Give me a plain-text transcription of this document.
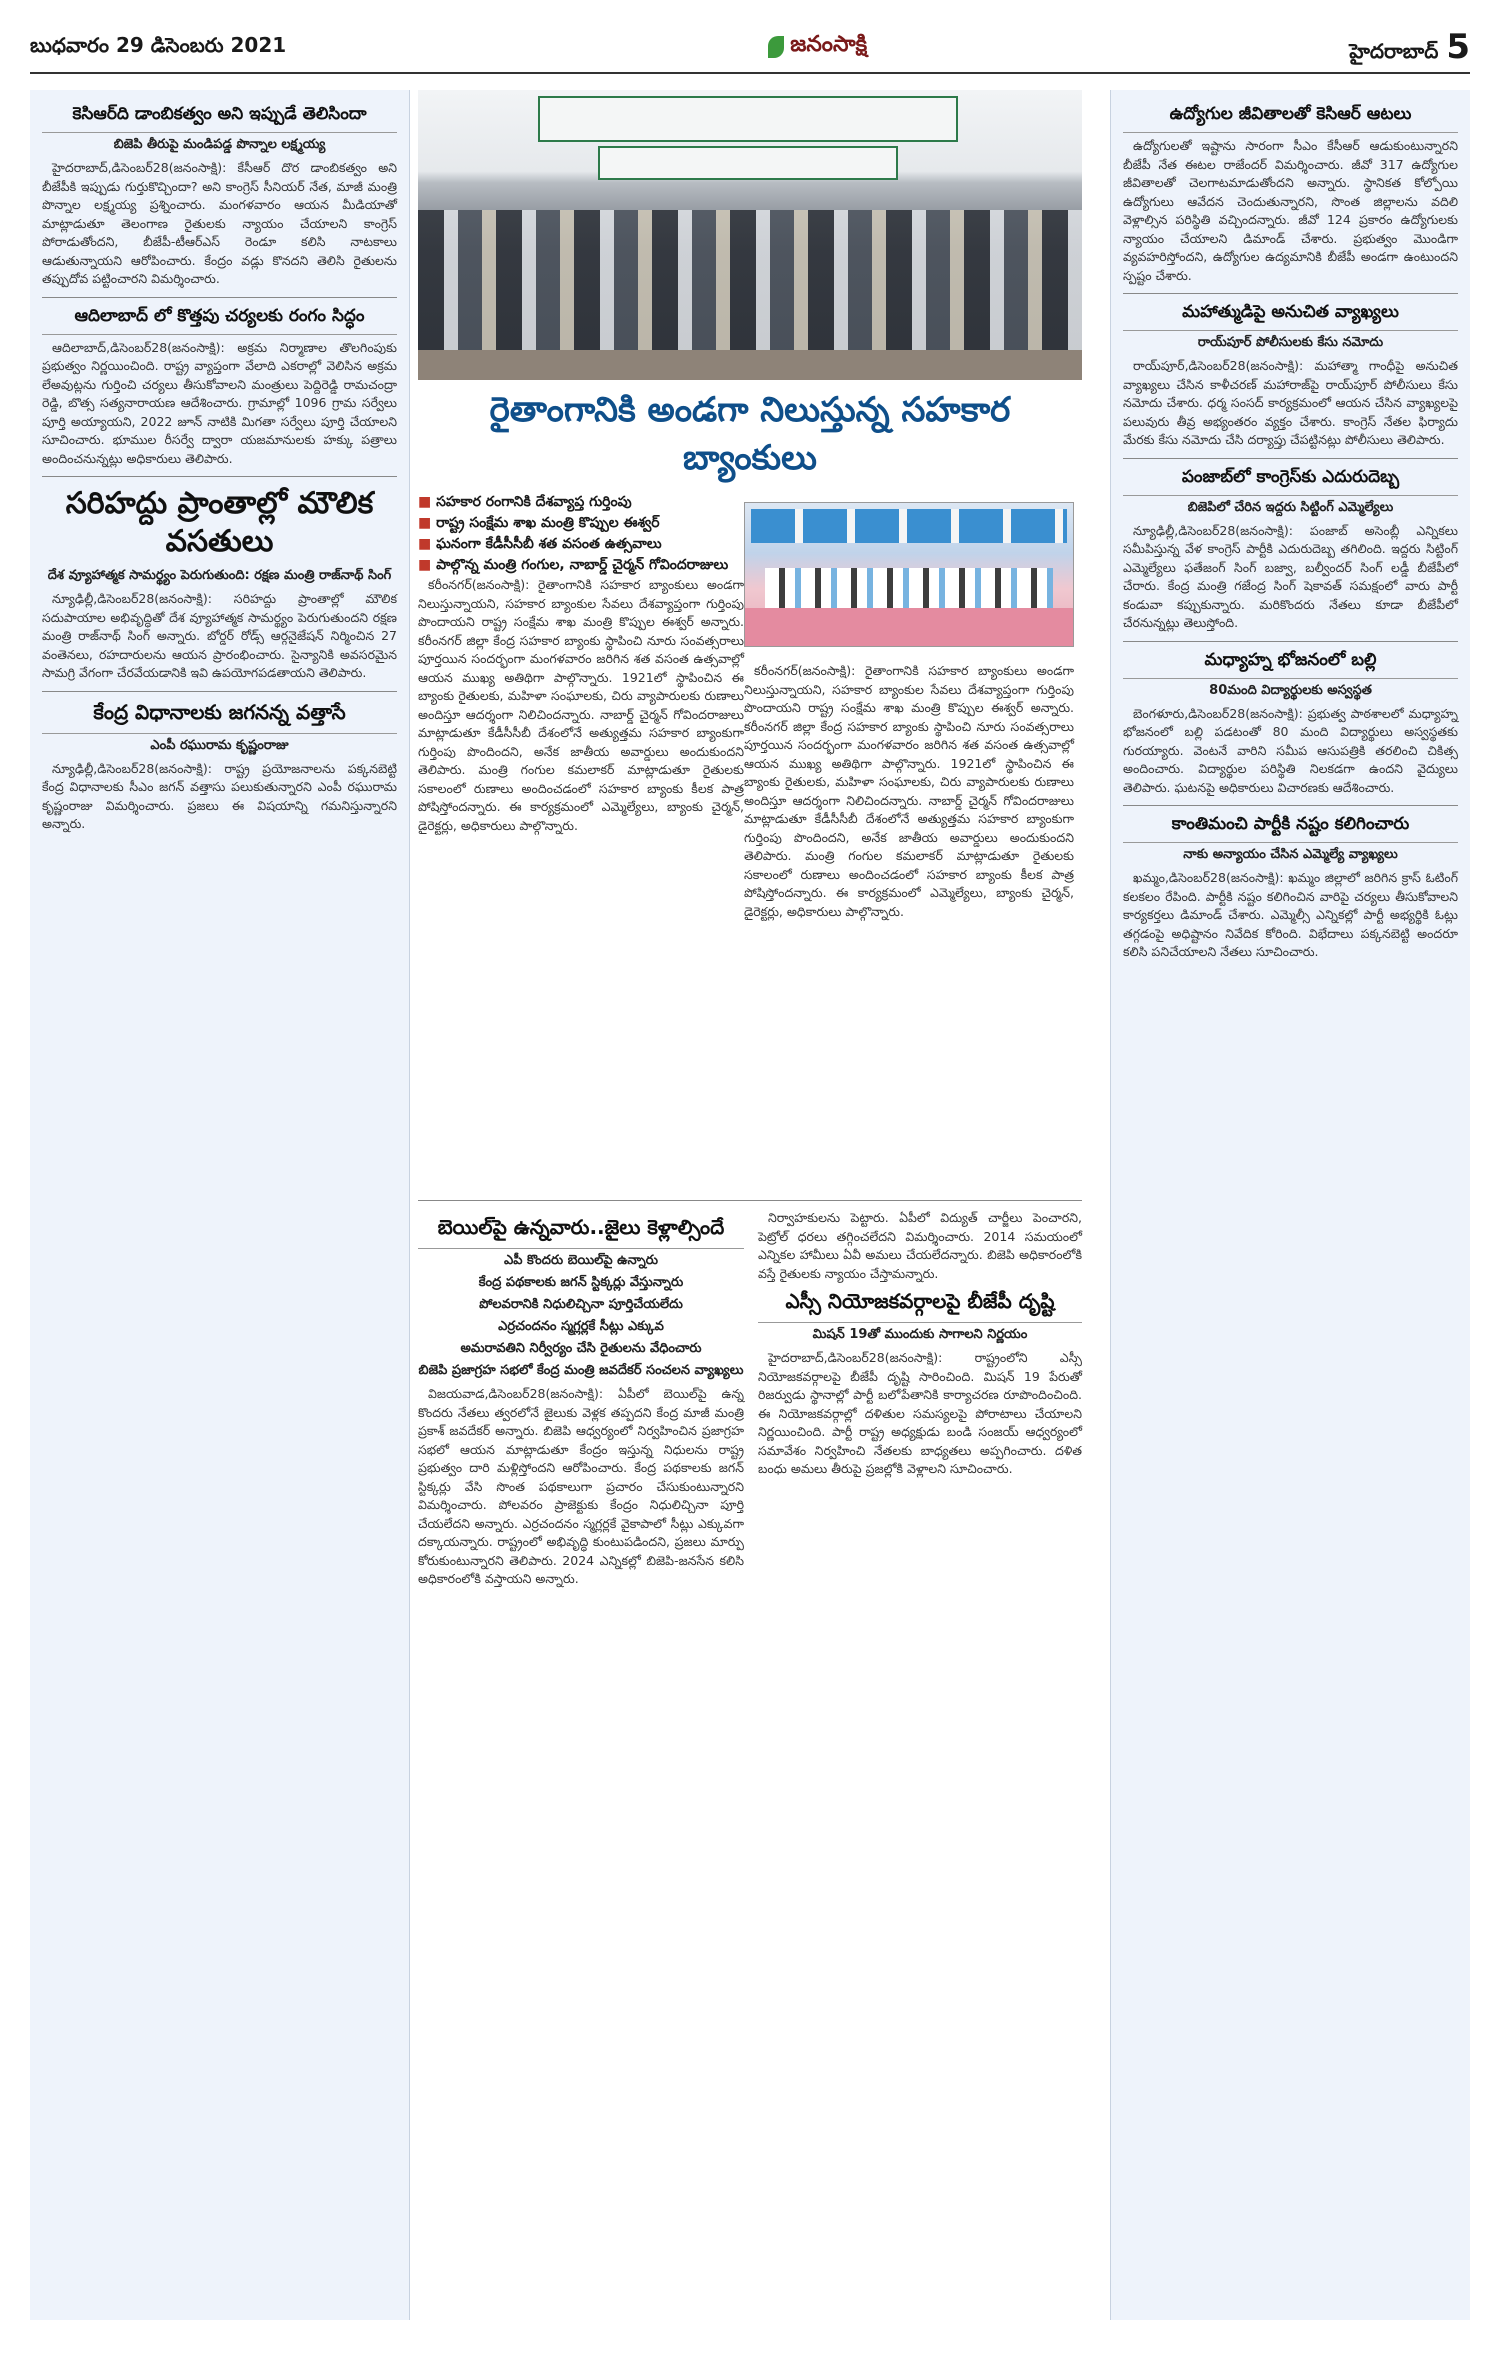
బుధవారం 29 డిసెంబరు 2021	జనంసాక్షి	హైదరాబాద్ 5
కెసిఆర్‌ది డాంబికత్వం అని ఇప్పుడే తెలిసిందా
బిజెపి తీరుపై మండిపడ్డ పొన్నాల లక్ష్మయ్య

హైదరాబాద్‌,డిసెంబర్‌28(జనంసాక్షి): కేసీఆర్‌ దొర డాంబికత్వం అని బీజేపీకి ఇప్పుడు గుర్తుకొచ్చిందా? అని కాంగ్రెస్‌ సీనియర్‌ నేత, మాజీ మంత్రి పొన్నాల లక్ష్మయ్య ప్రశ్నించారు. మంగళవారం ఆయన మీడియాతో మాట్లాడుతూ తెలంగాణ రైతులకు న్యాయం చేయాలని కాంగ్రెస్‌ పోరాడుతోందని, బీజేపీ-టీఆర్‌ఎస్‌ రెండూ కలిసి నాటకాలు ఆడుతున్నాయని ఆరోపించారు. కేంద్రం వడ్లు కొనదని తెలిసి రైతులను తప్పుదోవ పట్టించారని విమర్శించారు.

ఆదిలాబాద్‌ లో కొత్తపు చర్యలకు రంగం సిద్ధం

ఆదిలాబాద్‌,డిసెంబర్‌28(జనంసాక్షి): అక్రమ నిర్మాణాల తొలగింపుకు ప్రభుత్వం నిర్ణయించింది. రాష్ట్ర వ్యాప్తంగా వేలాది ఎకరాల్లో వెలిసిన అక్రమ లేఅవుట్లను గుర్తించి చర్యలు తీసుకోవాలని మంత్రులు పెద్దిరెడ్డి రామచంద్రా రెడ్డి, బొత్స సత్యనారాయణ ఆదేశించారు. గ్రామాల్లో 1096 గ్రామ సర్వేలు పూర్తి అయ్యాయని, 2022 జూన్‌ నాటికి మిగతా సర్వేలు పూర్తి చేయాలని సూచించారు. భూముల రీసర్వే ద్వారా యజమానులకు హక్కు పత్రాలు అందించనున్నట్లు అధికారులు తెలిపారు.

సరిహద్దు ప్రాంతాల్లో మౌలిక వసతులు
దేశ వ్యూహాత్మక సామర్థ్యం పెరుగుతుంది: రక్షణ మంత్రి రాజ్‌నాథ్‌ సింగ్‌

న్యూఢిల్లీ,డిసెంబర్‌28(జనంసాక్షి): సరిహద్దు ప్రాంతాల్లో మౌలిక సదుపాయాల అభివృద్ధితో దేశ వ్యూహాత్మక సామర్థ్యం పెరుగుతుందని రక్షణ మంత్రి రాజ్‌నాథ్‌ సింగ్‌ అన్నారు. బోర్డర్‌ రోడ్స్‌ ఆర్గనైజేషన్‌ నిర్మించిన 27 వంతెనలు, రహదారులను ఆయన ప్రారంభించారు. సైన్యానికి అవసరమైన సామగ్రి వేగంగా చేరవేయడానికి ఇవి ఉపయోగపడతాయని తెలిపారు.

కేంద్ర విధానాలకు జగనన్న వత్తాసే
ఎంపీ రఘురామ కృష్ణంరాజు

న్యూఢిల్లీ,డిసెంబర్‌28(జనంసాక్షి): రాష్ట్ర ప్రయోజనాలను పక్కనబెట్టి కేంద్ర విధానాలకు సీఎం జగన్‌ వత్తాసు పలుకుతున్నారని ఎంపీ రఘురామ కృష్ణంరాజు విమర్శించారు. ప్రజలు ఈ విషయాన్ని గమనిస్తున్నారని అన్నారు.

రైతాంగానికి అండగా నిలుస్తున్న సహకార బ్యాంకులు
■ సహకార రంగానికి దేశవ్యాప్త గుర్తింపు
■ రాష్ట్ర సంక్షేమ శాఖ మంత్రి కొప్పుల ఈశ్వర్‌
■ ఘనంగా కేడీసీసీబీ శత వసంత ఉత్సవాలు
■ పాల్గొన్న మంత్రి గంగుల, నాబార్డ్‌ చైర్మన్‌ గోవిందరాజులు

కరీంనగర్‌(జనంసాక్షి): రైతాంగానికి సహకార బ్యాంకులు అండగా నిలుస్తున్నాయని, సహకార బ్యాంకుల సేవలు దేశవ్యాప్తంగా గుర్తింపు పొందాయని రాష్ట్ర సంక్షేమ శాఖ మంత్రి కొప్పుల ఈశ్వర్‌ అన్నారు. కరీంనగర్‌ జిల్లా కేంద్ర సహకార బ్యాంకు స్థాపించి నూరు సంవత్సరాలు పూర్తయిన సందర్భంగా మంగళవారం జరిగిన శత వసంత ఉత్సవాల్లో ఆయన ముఖ్య అతిథిగా పాల్గొన్నారు. 1921లో స్థాపించిన ఈ బ్యాంకు రైతులకు, మహిళా సంఘాలకు, చిరు వ్యాపారులకు రుణాలు అందిస్తూ ఆదర్శంగా నిలిచిందన్నారు. నాబార్డ్‌ చైర్మన్‌ గోవిందరాజులు మాట్లాడుతూ కేడీసీసీబీ దేశంలోనే అత్యుత్తమ సహకార బ్యాంకుగా గుర్తింపు పొందిందని, అనేక జాతీయ అవార్డులు అందుకుందని తెలిపారు. మంత్రి గంగుల కమలాకర్‌ మాట్లాడుతూ రైతులకు సకాలంలో రుణాలు అందించడంలో సహకార బ్యాంకు కీలక పాత్ర పోషిస్తోందన్నారు. ఈ కార్యక్రమంలో ఎమ్మెల్యేలు, బ్యాంకు చైర్మన్‌, డైరెక్టర్లు, అధికారులు పాల్గొన్నారు.

కరీంనగర్‌(జనంసాక్షి): రైతాంగానికి సహకార బ్యాంకులు అండగా నిలుస్తున్నాయని, సహకార బ్యాంకుల సేవలు దేశవ్యాప్తంగా గుర్తింపు పొందాయని రాష్ట్ర సంక్షేమ శాఖ మంత్రి కొప్పుల ఈశ్వర్‌ అన్నారు. కరీంనగర్‌ జిల్లా కేంద్ర సహకార బ్యాంకు స్థాపించి నూరు సంవత్సరాలు పూర్తయిన సందర్భంగా మంగళవారం జరిగిన శత వసంత ఉత్సవాల్లో ఆయన ముఖ్య అతిథిగా పాల్గొన్నారు. 1921లో స్థాపించిన ఈ బ్యాంకు రైతులకు, మహిళా సంఘాలకు, చిరు వ్యాపారులకు రుణాలు అందిస్తూ ఆదర్శంగా నిలిచిందన్నారు. నాబార్డ్‌ చైర్మన్‌ గోవిందరాజులు మాట్లాడుతూ కేడీసీసీబీ దేశంలోనే అత్యుత్తమ సహకార బ్యాంకుగా గుర్తింపు పొందిందని, అనేక జాతీయ అవార్డులు అందుకుందని తెలిపారు. మంత్రి గంగుల కమలాకర్‌ మాట్లాడుతూ రైతులకు సకాలంలో రుణాలు అందించడంలో సహకార బ్యాంకు కీలక పాత్ర పోషిస్తోందన్నారు. ఈ కార్యక్రమంలో ఎమ్మెల్యేలు, బ్యాంకు చైర్మన్‌, డైరెక్టర్లు, అధికారులు పాల్గొన్నారు.

బెయిల్‌పై ఉన్నవారు..జైలు కెళ్లాల్సిందే
ఎపీ కొందరు బెయిల్‌పై ఉన్నారు
కేంద్ర పథకాలకు జగన్‌ స్టిక్కర్లు వేస్తున్నారు
పోలవరానికి నిధులిచ్చినా పూర్తిచేయలేదు
ఎర్రచందనం స్మగ్లర్లకే సీట్లు ఎక్కువ
అమరావతిని నిర్వీర్యం చేసి రైతులను వేధించారు
బిజెపి ప్రజాగ్రహ సభలో కేంద్ర మంత్రి జవదేకర్‌ సంచలన వ్యాఖ్యలు

విజయవాడ,డిసెంబర్‌28(జనంసాక్షి): ఏపీలో బెయిల్‌పై ఉన్న కొందరు నేతలు త్వరలోనే జైలుకు వెళ్లక తప్పదని కేంద్ర మాజీ మంత్రి ప్రకాశ్‌ జవదేకర్‌ అన్నారు. బిజెపి ఆధ్వర్యంలో నిర్వహించిన ప్రజాగ్రహ సభలో ఆయన మాట్లాడుతూ కేంద్రం ఇస్తున్న నిధులను రాష్ట్ర ప్రభుత్వం దారి మళ్లిస్తోందని ఆరోపించారు. కేంద్ర పథకాలకు జగన్‌ స్టిక్కర్లు వేసి సొంత పథకాలుగా ప్రచారం చేసుకుంటున్నారని విమర్శించారు. పోలవరం ప్రాజెక్టుకు కేంద్రం నిధులిచ్చినా పూర్తి చేయలేదని అన్నారు. ఎర్రచందనం స్మగ్లర్లకే వైకాపాలో సీట్లు ఎక్కువగా దక్కాయన్నారు. రాష్ట్రంలో అభివృద్ధి కుంటుపడిందని, ప్రజలు మార్పు కోరుకుంటున్నారని తెలిపారు. 2024 ఎన్నికల్లో బిజెపి-జనసేన కలిసి అధికారంలోకి వస్తాయని అన్నారు.

నిర్వాహకులను పెట్టారు. ఏపీలో విద్యుత్‌ చార్జీలు పెంచారని, పెట్రోల్‌ ధరలు తగ్గించలేదని విమర్శించారు. 2014 సమయంలో ఎన్నికల హామీలు ఏవీ అమలు చేయలేదన్నారు. బిజెపి అధికారంలోకి వస్తే రైతులకు న్యాయం చేస్తామన్నారు.

ఎస్సీ నియోజకవర్గాలపై బీజేపీ దృష్టి
మిషన్‌ 19తో ముందుకు సాగాలని నిర్ణయం

హైదరాబాద్‌,డిసెంబర్‌28(జనంసాక్షి): రాష్ట్రంలోని ఎస్సీ నియోజకవర్గాలపై బీజేపీ దృష్టి సారించింది. మిషన్‌ 19 పేరుతో రిజర్వుడు స్థానాల్లో పార్టీ బలోపేతానికి కార్యాచరణ రూపొందించింది. ఈ నియోజకవర్గాల్లో దళితుల సమస్యలపై పోరాటాలు చేయాలని నిర్ణయించింది. పార్టీ రాష్ట్ర అధ్యక్షుడు బండి సంజయ్‌ ఆధ్వర్యంలో సమావేశం నిర్వహించి నేతలకు బాధ్యతలు అప్పగించారు. దళిత బంధు అమలు తీరుపై ప్రజల్లోకి వెళ్లాలని సూచించారు.

ఉద్యోగుల జీవితాలతో కెసిఆర్‌ ఆటలు

ఉద్యోగులతో ఇష్టాను సారంగా సీఎం కేసీఆర్‌ ఆడుకుంటున్నారని బీజేపీ నేత ఈటల రాజేందర్‌ విమర్శించారు. జీవో 317 ఉద్యోగుల జీవితాలతో చెలగాటమాడుతోందని అన్నారు. స్థానికత కోల్పోయి ఉద్యోగులు ఆవేదన చెందుతున్నారని, సొంత జిల్లాలను వదిలి వెళ్లాల్సిన పరిస్థితి వచ్చిందన్నారు. జీవో 124 ప్రకారం ఉద్యోగులకు న్యాయం చేయాలని డిమాండ్‌ చేశారు. ప్రభుత్వం మొండిగా వ్యవహరిస్తోందని, ఉద్యోగుల ఉద్యమానికి బీజేపీ అండగా ఉంటుందని స్పష్టం చేశారు.

మహాత్ముడిపై అనుచిత వ్యాఖ్యలు
రాయ్‌పూర్‌ పోలీసులకు కేసు నమోదు

రాయ్‌పూర్‌,డిసెంబర్‌28(జనంసాక్షి): మహాత్మా గాంధీపై అనుచిత వ్యాఖ్యలు చేసిన కాళీచరణ్‌ మహారాజ్‌పై రాయ్‌పూర్‌ పోలీసులు కేసు నమోదు చేశారు. ధర్మ సంసద్‌ కార్యక్రమంలో ఆయన చేసిన వ్యాఖ్యలపై పలువురు తీవ్ర అభ్యంతరం వ్యక్తం చేశారు. కాంగ్రెస్‌ నేతల ఫిర్యాదు మేరకు కేసు నమోదు చేసి దర్యాప్తు చేపట్టినట్లు పోలీసులు తెలిపారు.

పంజాబ్‌లో కాంగ్రెస్‌కు ఎదురుదెబ్బ
బిజెపిలో చేరిన ఇద్దరు సిట్టింగ్‌ ఎమ్మెల్యేలు

న్యూఢిల్లీ,డిసెంబర్‌28(జనంసాక్షి): పంజాబ్‌ అసెంబ్లీ ఎన్నికలు సమీపిస్తున్న వేళ కాంగ్రెస్‌ పార్టీకి ఎదురుదెబ్బ తగిలింది. ఇద్దరు సిట్టింగ్‌ ఎమ్మెల్యేలు ఫతేజంగ్‌ సింగ్‌ బజ్వా, బల్వీందర్‌ సింగ్‌ లడ్డీ బీజేపీలో చేరారు. కేంద్ర మంత్రి గజేంద్ర సింగ్‌ షెకావత్‌ సమక్షంలో వారు పార్టీ కండువా కప్పుకున్నారు. మరికొందరు నేతలు కూడా బీజేపీలో చేరనున్నట్లు తెలుస్తోంది.

మధ్యాహ్న భోజనంలో బల్లి
80మంది విద్యార్థులకు అస్వస్థత

బెంగళూరు,డిసెంబర్‌28(జనంసాక్షి): ప్రభుత్వ పాఠశాలలో మధ్యాహ్న భోజనంలో బల్లి పడటంతో 80 మంది విద్యార్థులు అస్వస్థతకు గురయ్యారు. వెంటనే వారిని సమీప ఆసుపత్రికి తరలించి చికిత్స అందించారు. విద్యార్థుల పరిస్థితి నిలకడగా ఉందని వైద్యులు తెలిపారు. ఘటనపై అధికారులు విచారణకు ఆదేశించారు.

కాంతిమంచి పార్టీకి నష్టం కలిగించారు
నాకు అన్యాయం చేసిన ఎమ్మెల్యే వ్యాఖ్యలు

ఖమ్మం,డిసెంబర్‌28(జనంసాక్షి): ఖమ్మం జిల్లాలో జరిగిన క్రాస్‌ ఓటింగ్‌ కలకలం రేపింది. పార్టీకి నష్టం కలిగించిన వారిపై చర్యలు తీసుకోవాలని కార్యకర్తలు డిమాండ్‌ చేశారు. ఎమ్మెల్సీ ఎన్నికల్లో పార్టీ అభ్యర్థికి ఓట్లు తగ్గడంపై అధిష్టానం నివేదిక కోరింది. విభేదాలు పక్కనబెట్టి అందరూ కలిసి పనిచేయాలని నేతలు సూచించారు.
